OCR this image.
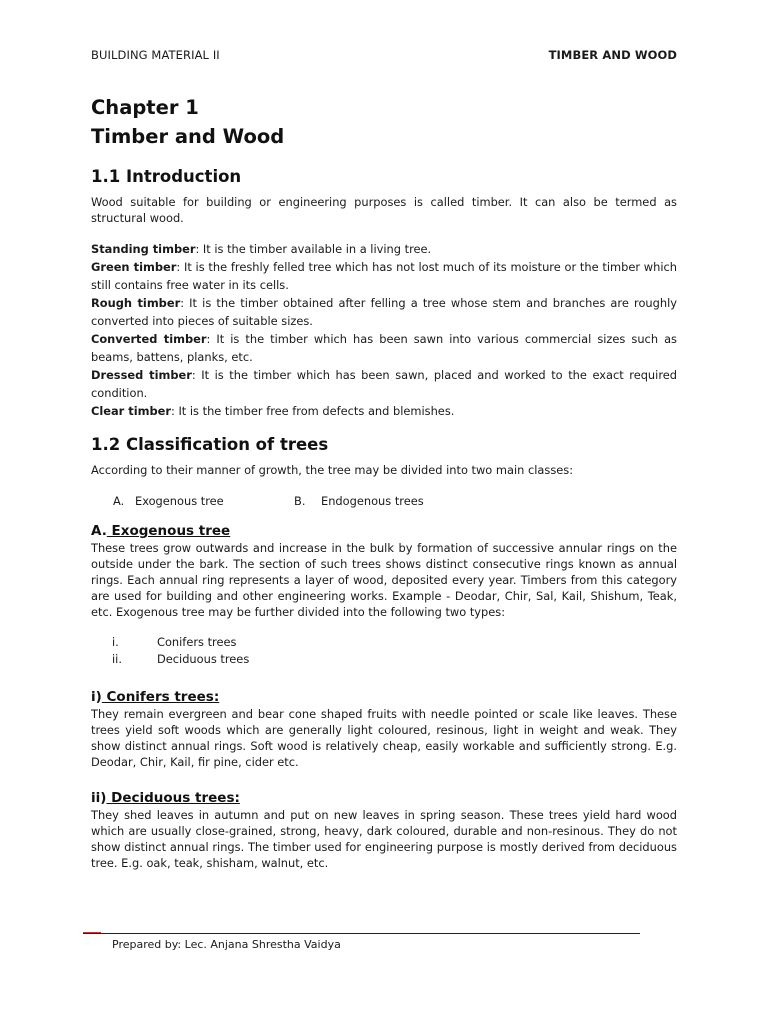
BUILDING MATERIAL II	TIMBER AND WOOD
Chapter 1
Timber and Wood
1.1 Introduction

Wood suitable for building or engineering purposes is called timber. It can also be termed as structural wood.

Standing timber: It is the timber available in a living tree.

Green timber: It is the freshly felled tree which has not lost much of its moisture or the timber which still contains free water in its cells.

Rough timber: It is the timber obtained after felling a tree whose stem and branches are roughly converted into pieces of suitable sizes.

Converted timber: It is the timber which has been sawn into various commercial sizes such as beams, battens, planks, etc.

Dressed timber: It is the timber which has been sawn, placed and worked to the exact required condition.

Clear timber: It is the timber free from defects and blemishes.

1.2 Classification of trees

According to their manner of growth, the tree may be divided into two main classes:

A. Exogenous tree	B.	Endogenous trees
A. Exogenous tree

These trees grow outwards and increase in the bulk by formation of successive annular rings on the outside under the bark. The section of such trees shows distinct consecutive rings known as annual rings. Each annual ring represents a layer of wood, deposited every year. Timbers from this category are used for building and other engineering works. Example - Deodar, Chir, Sal, Kail, Shishum, Teak, etc. Exogenous tree may be further divided into the following two types:

i.	Conifers trees
ii.	Deciduous trees
i) Conifers trees:

They remain evergreen and bear cone shaped fruits with needle pointed or scale like leaves. These trees yield soft woods which are generally light coloured, resinous, light in weight and weak. They show distinct annual rings. Soft wood is relatively cheap, easily workable and sufficiently strong. E.g. Deodar, Chir, Kail, fir pine, cider etc.

ii) Deciduous trees:

They shed leaves in autumn and put on new leaves in spring season. These trees yield hard wood which are usually close-grained, strong, heavy, dark coloured, durable and non-resinous. They do not show distinct annual rings. The timber used for engineering purpose is mostly derived from deciduous tree. E.g. oak, teak, shisham, walnut, etc.

Prepared by: Lec. Anjana Shrestha Vaidya
